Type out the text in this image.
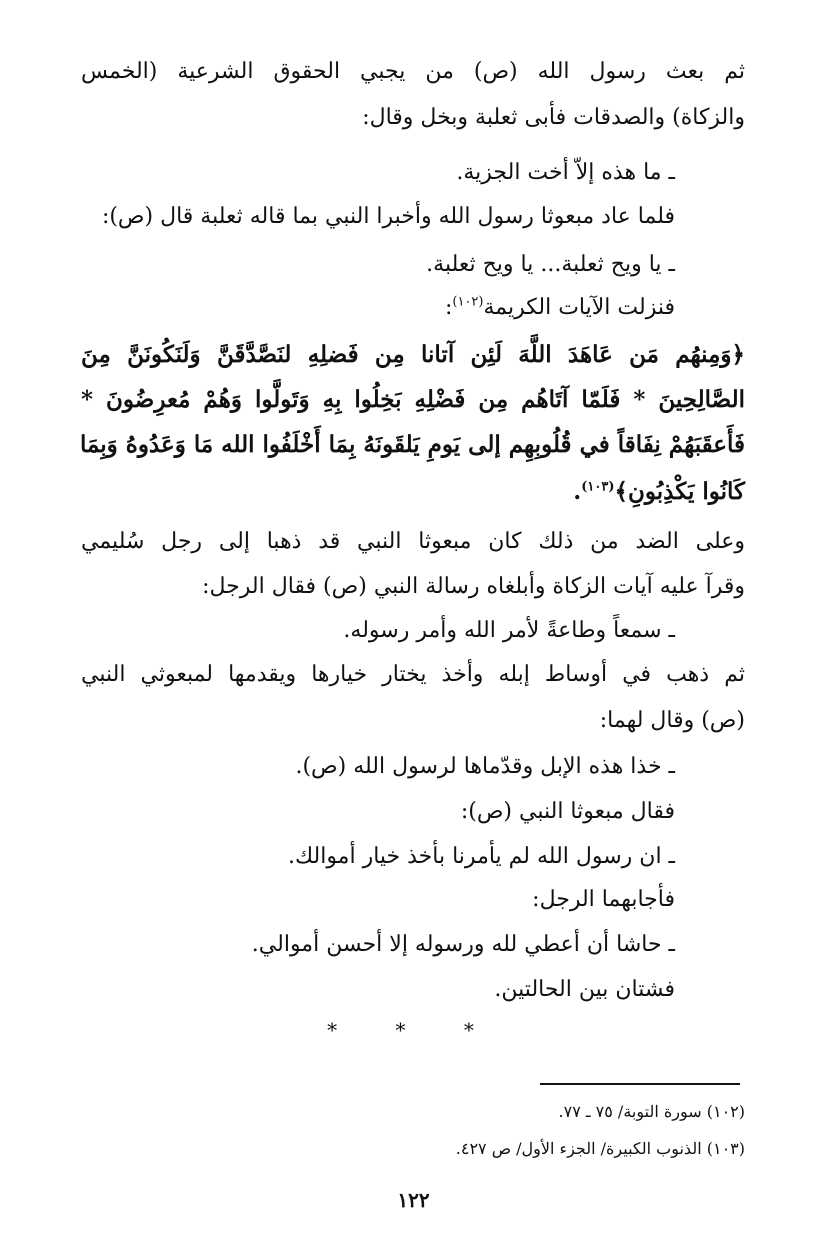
ثم بعث رسول الله (ص) من يجبي الحقوق الشرعية (الخمس
والزكاة) والصدقات فأبى ثعلبة وبخل وقال:
ـ ما هذه إلاّ أخت الجزية.
فلما عاد مبعوثا رسول الله وأخبرا النبي بما قاله ثعلبة قال (ص):
ـ يا ويح ثعلبة... يا ويح ثعلبة.
فنزلت الآيات الكريمة$^{(١٠٢)}$:
﴿وَمِنهُم مَن عَاهَدَ اللَّهَ لَئِن آتانا مِن فَضلِهِ لنَصَّدَّقَنَّ وَلَنَكُونَنَّ مِنَ
الصَّالِحِينَ * فَلَمّا آتَاهُم مِن فَضْلِهِ بَخِلُوا بِهِ وَتَولَّوا وَهُمْ مُعرِضُونَ *
فَأَعقَبَهُمْ نِفَاقاً في قُلُوبِهِم إلى يَومِ يَلقَونَهُ بِمَا أَخْلَفُوا الله مَا وَعَدُوهُ وَبِمَا
كَانُوا يَكْذِبُونِ﴾$^{(١٠٣)}$.
وعلى الضد من ذلك كان مبعوثا النبي قد ذهبا إلى رجل سُليمي
وقرآ عليه آيات الزكاة وأبلغاه رسالة النبي (ص) فقال الرجل:
ـ سمعاً وطاعةً لأمر الله وأمر رسوله.
ثم ذهب في أوساط إبله وأخذ يختار خيارها ويقدمها لمبعوثي النبي
(ص) وقال لهما:
ـ خذا هذه الإبل وقدّماها لرسول الله (ص).
فقال مبعوثا النبي (ص):
ـ ان رسول الله لم يأمرنا بأخذ خيار أموالك.
فأجابهما الرجل:
ـ حاشا أن أعطي لله ورسوله إلا أحسن أموالي.
فشتان بين الحالتين.
* * *
(١٠٢) سورة التوبة/ ٧٥ ـ ٧٧.
(١٠٣) الذنوب الكبيرة/ الجزء الأول/ ص ٤٢٧.
١٢٢
